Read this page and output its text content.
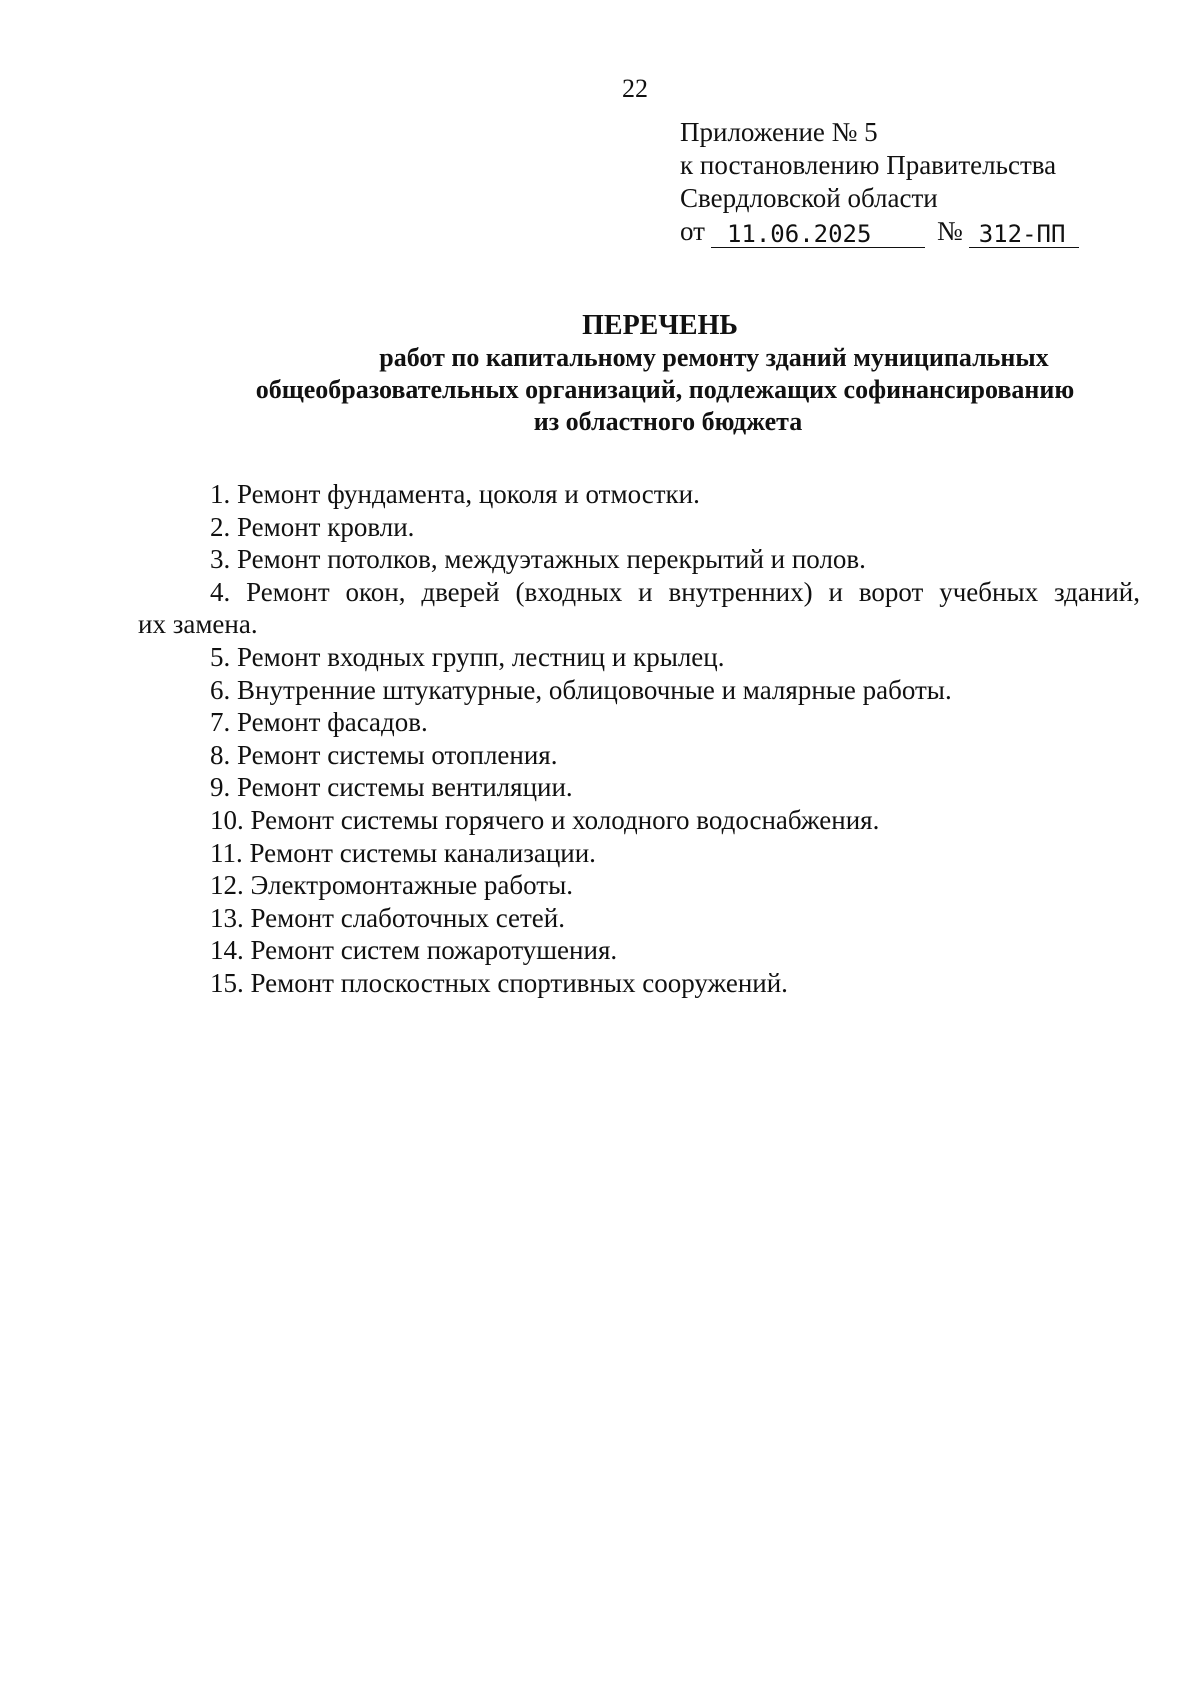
22
Приложение № 5
к постановлению Правительства
Свердловской области
от 11.06.2025	№ 312-ПП
ПЕРЕЧЕНЬ
работ по капитальному ремонту зданий муниципальных
общеобразовательных организаций, подлежащих софинансированию
из областного бюджета
1. Ремонт фундамента, цоколя и отмостки.
2. Ремонт кровли.
3. Ремонт потолков, междуэтажных перекрытий и полов.
4. Ремонт окон, дверей (входных и внутренних) и ворот учебных зданий,
их замена.
5. Ремонт входных групп, лестниц и крылец.
6. Внутренние штукатурные, облицовочные и малярные работы.
7. Ремонт фасадов.
8. Ремонт системы отопления.
9. Ремонт системы вентиляции.
10. Ремонт системы горячего и холодного водоснабжения.
11. Ремонт системы канализации.
12. Электромонтажные работы.
13. Ремонт слаботочных сетей.
14. Ремонт систем пожаротушения.
15. Ремонт плоскостных спортивных сооружений.
